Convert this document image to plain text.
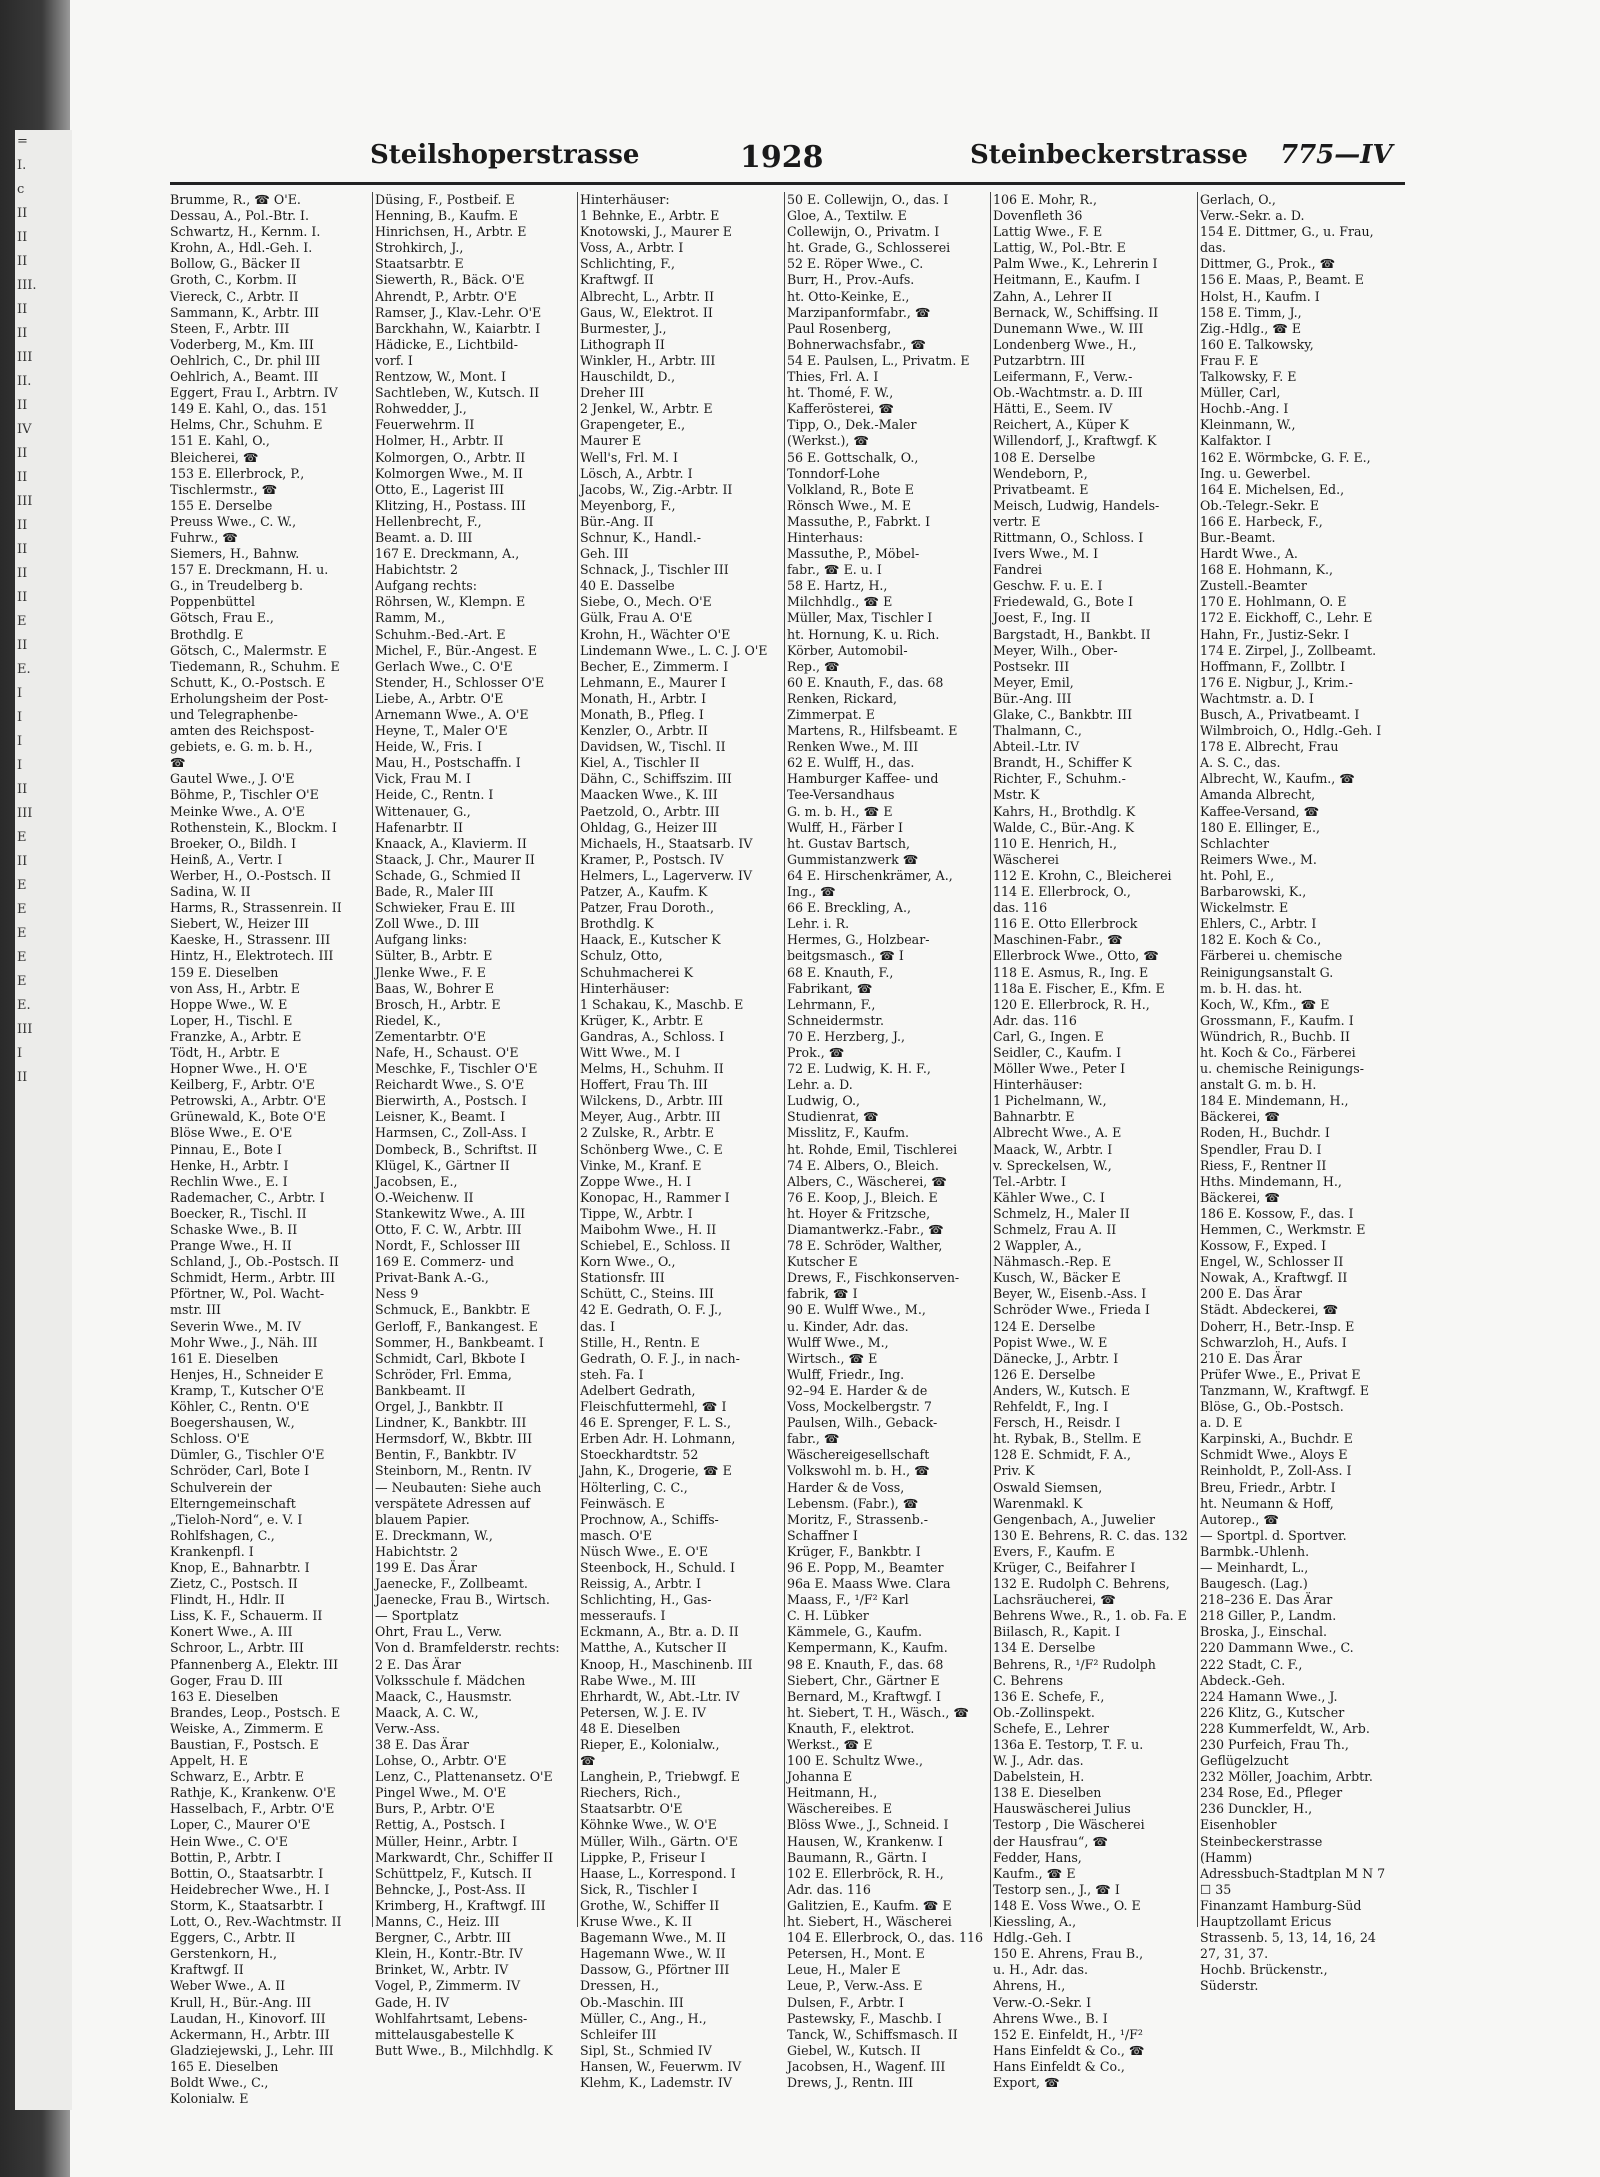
=
I.
c
II
II
II
III.
II
II
III
II.
II
IV
II
II
III
II
II
II
II
E
II
E.
I
I
I
I
II
III
E
II
E
E
E
E
E
E.
III
I
II
Steilshoperstrasse	1928	Steinbeckerstrasse 775—IV
Brumme, R., ☎ O'E.
Dessau, A., Pol.-Btr. I.
Schwartz, H., Kernm. I.
Krohn, A., Hdl.-Geh. I.
Bollow, G., Bäcker II
Groth, C., Korbm. II
Viereck, C., Arbtr. II
Sammann, K., Arbtr. III
Steen, F., Arbtr. III
Voderberg, M., Km. III
Oehlrich, C., Dr. phil III
Oehlrich, A., Beamt. III
Eggert, Frau I., Arbtrn. IV
149 E. Kahl, O., das. 151
Helms, Chr., Schuhm. E
151 E. Kahl, O.,
Bleicherei, ☎
153 E. Ellerbrock, P.,
Tischlermstr., ☎
155 E. Derselbe
Preuss Wwe., C. W.,
Fuhrw., ☎
Siemers, H., Bahnw.
157 E. Dreckmann, H. u.
G., in Treudelberg b.
Poppenbüttel
Götsch, Frau E.,
Brothdlg. E
Götsch, C., Malermstr. E
Tiedemann, R., Schuhm. E
Schutt, K., O.-Postsch. E
Erholungsheim der Post-
und Telegraphenbe-
amten des Reichspost-
gebiets, e. G. m. b. H.,
☎
Gautel Wwe., J. O'E
Böhme, P., Tischler O'E
Meinke Wwe., A. O'E
Rothenstein, K., Blockm. I
Broeker, O., Bildh. I
Heinß, A., Vertr. I
Werber, H., O.-Postsch. II
Sadina, W. II
Harms, R., Strassenrein. II
Siebert, W., Heizer III
Kaeske, H., Strassenr. III
Hintz, H., Elektrotech. III
159 E. Dieselben
von Ass, H., Arbtr. E
Hoppe Wwe., W. E
Loper, H., Tischl. E
Franzke, A., Arbtr. E
Tödt, H., Arbtr. E
Hopner Wwe., H. O'E
Keilberg, F., Arbtr. O'E
Petrowski, A., Arbtr. O'E
Grünewald, K., Bote O'E
Blöse Wwe., E. O'E
Pinnau, E., Bote I
Henke, H., Arbtr. I
Rechlin Wwe., E. I
Rademacher, C., Arbtr. I
Boecker, R., Tischl. II
Schaske Wwe., B. II
Prange Wwe., H. II
Schland, J., Ob.-Postsch. II
Schmidt, Herm., Arbtr. III
Pförtner, W., Pol. Wacht-
mstr. III
Severin Wwe., M. IV
Mohr Wwe., J., Näh. III
161 E. Dieselben
Henjes, H., Schneider E
Kramp, T., Kutscher O'E
Köhler, C., Rentn. O'E
Boegershausen, W.,
Schloss. O'E
Dümler, G., Tischler O'E
Schröder, Carl, Bote I
Schulverein der
Elterngemeinschaft
„Tieloh-Nord“, e. V. I
Rohlfshagen, C.,
Krankenpfl. I
Knop, E., Bahnarbtr. I
Zietz, C., Postsch. II
Flindt, H., Hdlr. II
Liss, K. F., Schauerm. II
Konert Wwe., A. III
Schroor, L., Arbtr. III
Pfannenberg A., Elektr. III
Goger, Frau D. III
163 E. Dieselben
Brandes, Leop., Postsch. E
Weiske, A., Zimmerm. E
Baustian, F., Postsch. E
Appelt, H. E
Schwarz, E., Arbtr. E
Rathje, K., Krankenw. O'E
Hasselbach, F., Arbtr. O'E
Loper, C., Maurer O'E
Hein Wwe., C. O'E
Bottin, P., Arbtr. I
Bottin, O., Staatsarbtr. I
Heidebrecher Wwe., H. I
Storm, K., Staatsarbtr. I
Lott, O., Rev.-Wachtmstr. II
Eggers, C., Arbtr. II
Gerstenkorn, H.,
Kraftwgf. II
Weber Wwe., A. II
Krull, H., Bür.-Ang. III
Laudan, H., Kinovorf. III
Ackermann, H., Arbtr. III
Gladziejewski, J., Lehr. III
165 E. Dieselben
Boldt Wwe., C.,
Kolonialw. E
Düsing, F., Postbeif. E
Henning, B., Kaufm. E
Hinrichsen, H., Arbtr. E
Strohkirch, J.,
Staatsarbtr. E
Siewerth, R., Bäck. O'E
Ahrendt, P., Arbtr. O'E
Ramser, J., Klav.-Lehr. O'E
Barckhahn, W., Kaiarbtr. I
Hädicke, E., Lichtbild-
vorf. I
Rentzow, W., Mont. I
Sachtleben, W., Kutsch. II
Rohwedder, J.,
Feuerwehrm. II
Holmer, H., Arbtr. II
Kolmorgen, O., Arbtr. II
Kolmorgen Wwe., M. II
Otto, E., Lagerist III
Klitzing, H., Postass. III
Hellenbrecht, F.,
Beamt. a. D. III
167 E. Dreckmann, A.,
Habichtstr. 2
Aufgang rechts:
Röhrsen, W., Klempn. E
Ramm, M.,
Schuhm.-Bed.-Art. E
Michel, F., Bür.-Angest. E
Gerlach Wwe., C. O'E
Stender, H., Schlosser O'E
Liebe, A., Arbtr. O'E
Arnemann Wwe., A. O'E
Heyne, T., Maler O'E
Heide, W., Fris. I
Mau, H., Postschaffn. I
Vick, Frau M. I
Heide, C., Rentn. I
Wittenauer, G.,
Hafenarbtr. II
Knaack, A., Klavierm. II
Staack, J. Chr., Maurer II
Schade, G., Schmied II
Bade, R., Maler III
Schwieker, Frau E. III
Zoll Wwe., D. III
Aufgang links:
Sülter, B., Arbtr. E
Jlenke Wwe., F. E
Baas, W., Bohrer E
Brosch, H., Arbtr. E
Riedel, K.,
Zementarbtr. O'E
Nafe, H., Schaust. O'E
Meschke, F., Tischler O'E
Reichardt Wwe., S. O'E
Bierwirth, A., Postsch. I
Leisner, K., Beamt. I
Harmsen, C., Zoll-Ass. I
Dombeck, B., Schriftst. II
Klügel, K., Gärtner II
Jacobsen, E.,
O.-Weichenw. II
Stankewitz Wwe., A. III
Otto, F. C. W., Arbtr. III
Nordt, F., Schlosser III
169 E. Commerz- und
Privat-Bank A.-G.,
Ness 9
Schmuck, E., Bankbtr. E
Gerloff, F., Bankangest. E
Sommer, H., Bankbeamt. I
Schmidt, Carl, Bkbote I
Schröder, Frl. Emma,
Bankbeamt. II
Orgel, J., Bankbtr. II
Lindner, K., Bankbtr. III
Hermsdorf, W., Bkbtr. III
Bentin, F., Bankbtr. IV
Steinborn, M., Rentn. IV
— Neubauten: Siehe auch
verspätete Adressen auf
blauem Papier.
E. Dreckmann, W.,
Habichtstr. 2
199 E. Das Ärar
Jaenecke, F., Zollbeamt.
Jaenecke, Frau B., Wirtsch.
— Sportplatz
Ohrt, Frau L., Verw.
Von d. Bramfelderstr. rechts:
2 E. Das Ärar
Volksschule f. Mädchen
Maack, C., Hausmstr.
Maack, A. C. W.,
Verw.-Ass.
38 E. Das Ärar
Lohse, O., Arbtr. O'E
Lenz, C., Plattenansetz. O'E
Pingel Wwe., M. O'E
Burs, P., Arbtr. O'E
Rettig, A., Postsch. I
Müller, Heinr., Arbtr. I
Markwardt, Chr., Schiffer II
Schüttpelz, F., Kutsch. II
Behncke, J., Post-Ass. II
Krimberg, H., Kraftwgf. III
Manns, C., Heiz. III
Bergner, C., Arbtr. III
Klein, H., Kontr.-Btr. IV
Brinket, W., Arbtr. IV
Vogel, P., Zimmerm. IV
Gade, H. IV
Wohlfahrtsamt, Lebens-
mittelausgabestelle K
Butt Wwe., B., Milchhdlg. K
Hinterhäuser:
1 Behnke, E., Arbtr. E
Knotowski, J., Maurer E
Voss, A., Arbtr. I
Schlichting, F.,
Kraftwgf. II
Albrecht, L., Arbtr. II
Gaus, W., Elektrot. II
Burmester, J.,
Lithograph II
Winkler, H., Arbtr. III
Hauschildt, D.,
Dreher III
2 Jenkel, W., Arbtr. E
Grapengeter, E.,
Maurer E
Well's, Frl. M. I
Lösch, A., Arbtr. I
Jacobs, W., Zig.-Arbtr. II
Meyenborg, F.,
Bür.-Ang. II
Schnur, K., Handl.-
Geh. III
Schnack, J., Tischler III
40 E. Dasselbe
Siebe, O., Mech. O'E
Gülk, Frau A. O'E
Krohn, H., Wächter O'E
Lindemann Wwe., L. C. J. O'E
Becher, E., Zimmerm. I
Lehmann, E., Maurer I
Monath, H., Arbtr. I
Monath, B., Pfleg. I
Kenzler, O., Arbtr. II
Davidsen, W., Tischl. II
Kiel, A., Tischler II
Dähn, C., Schiffszim. III
Maacken Wwe., K. III
Paetzold, O., Arbtr. III
Ohldag, G., Heizer III
Michaels, H., Staatsarb. IV
Kramer, P., Postsch. IV
Helmers, L., Lagerverw. IV
Patzer, A., Kaufm. K
Patzer, Frau Doroth.,
Brothdlg. K
Haack, E., Kutscher K
Schulz, Otto,
Schuhmacherei K
Hinterhäuser:
1 Schakau, K., Maschb. E
Krüger, K., Arbtr. E
Gandras, A., Schloss. I
Witt Wwe., M. I
Melms, H., Schuhm. II
Hoffert, Frau Th. III
Wilckens, D., Arbtr. III
Meyer, Aug., Arbtr. III
2 Zulske, R., Arbtr. E
Schönberg Wwe., C. E
Vinke, M., Kranf. E
Zoppe Wwe., H. I
Konopac, H., Rammer I
Tippe, W., Arbtr. I
Maibohm Wwe., H. II
Schiebel, E., Schloss. II
Korn Wwe., O.,
Stationsfr. III
Schütt, C., Steins. III
42 E. Gedrath, O. F. J.,
das. I
Stille, H., Rentn. E
Gedrath, O. F. J., in nach-
steh. Fa. I
Adelbert Gedrath,
Fleischfuttermehl, ☎ I
46 E. Sprenger, F. L. S.,
Erben Adr. H. Lohmann,
Stoeckhardtstr. 52
Jahn, K., Drogerie, ☎ E
Hölterling, C. C.,
Feinwäsch. E
Prochnow, A., Schiffs-
masch. O'E
Nüsch Wwe., E. O'E
Steenbock, H., Schuld. I
Reissig, A., Arbtr. I
Schlichting, H., Gas-
messeraufs. I
Eckmann, A., Btr. a. D. II
Matthe, A., Kutscher II
Knoop, H., Maschinenb. III
Rabe Wwe., M. III
Ehrhardt, W., Abt.-Ltr. IV
Petersen, W. J. E. IV
48 E. Dieselben
Rieper, E., Kolonialw.,
☎
Langhein, P., Triebwgf. E
Riechers, Rich.,
Staatsarbtr. O'E
Köhnke Wwe., W. O'E
Müller, Wilh., Gärtn. O'E
Lippke, P., Friseur I
Haase, L., Korrespond. I
Sick, R., Tischler I
Grothe, W., Schiffer II
Kruse Wwe., K. II
Bagemann Wwe., M. II
Hagemann Wwe., W. II
Dassow, G., Pförtner III
Dressen, H.,
Ob.-Maschin. III
Müller, C., Ang., H.,
Schleifer III
Sipl, St., Schmied IV
Hansen, W., Feuerwm. IV
Klehm, K., Lademstr. IV
50 E. Collewijn, O., das. I
Gloe, A., Textilw. E
Collewijn, O., Privatm. I
ht. Grade, G., Schlosserei
52 E. Röper Wwe., C.
Burr, H., Prov.-Aufs.
ht. Otto-Keinke, E.,
Marzipanformfabr., ☎
Paul Rosenberg,
Bohnerwachsfabr., ☎
54 E. Paulsen, L., Privatm. E
Thies, Frl. A. I
ht. Thomé, F. W.,
Kafferösterei, ☎
Tipp, O., Dek.-Maler
(Werkst.), ☎
56 E. Gottschalk, O.,
Tonndorf-Lohe
Volkland, R., Bote E
Rönsch Wwe., M. E
Massuthe, P., Fabrkt. I
Hinterhaus:
Massuthe, P., Möbel-
fabr., ☎ E. u. I
58 E. Hartz, H.,
Milchhdlg., ☎ E
Müller, Max, Tischler I
ht. Hornung, K. u. Rich.
Körber, Automobil-
Rep., ☎
60 E. Knauth, F., das. 68
Renken, Rickard,
Zimmerpat. E
Martens, R., Hilfsbeamt. E
Renken Wwe., M. III
62 E. Wulff, H., das.
Hamburger Kaffee- und
Tee-Versandhaus
G. m. b. H., ☎ E
Wulff, H., Färber I
ht. Gustav Bartsch,
Gummistanzwerk ☎
64 E. Hirschenkrämer, A.,
Ing., ☎
66 E. Breckling, A.,
Lehr. i. R.
Hermes, G., Holzbear-
beitgsmasch., ☎ I
68 E. Knauth, F.,
Fabrikant, ☎
Lehrmann, F.,
Schneidermstr.
70 E. Herzberg, J.,
Prok., ☎
72 E. Ludwig, K. H. F.,
Lehr. a. D.
Ludwig, O.,
Studienrat, ☎
Misslitz, F., Kaufm.
ht. Rohde, Emil, Tischlerei
74 E. Albers, O., Bleich.
Albers, C., Wäscherei, ☎
76 E. Koop, J., Bleich. E
ht. Hoyer & Fritzsche,
Diamantwerkz.-Fabr., ☎
78 E. Schröder, Walther,
Kutscher E
Drews, F., Fischkonserven-
fabrik, ☎ I
90 E. Wulff Wwe., M.,
u. Kinder, Adr. das.
Wulff Wwe., M.,
Wirtsch., ☎ E
Wulff, Friedr., Ing.
92–94 E. Harder & de
Voss, Mockelbergstr. 7
Paulsen, Wilh., Geback-
fabr., ☎
Wäschereigesellschaft
Volkswohl m. b. H., ☎
Harder & de Voss,
Lebensm. (Fabr.), ☎
Moritz, F., Strassenb.-
Schaffner I
Krüger, F., Bankbtr. I
96 E. Popp, M., Beamter
96a E. Maass Wwe. Clara
Maass, F., ¹/F² Karl
C. H. Lübker
Kämmele, G., Kaufm.
Kempermann, K., Kaufm.
98 E. Knauth, F., das. 68
Siebert, Chr., Gärtner E
Bernard, M., Kraftwgf. I
ht. Siebert, T. H., Wäsch., ☎
Knauth, F., elektrot.
Werkst., ☎ E
100 E. Schultz Wwe.,
Johanna E
Heitmann, H.,
Wäschereibes. E
Blöss Wwe., J., Schneid. I
Hausen, W., Krankenw. I
Baumann, R., Gärtn. I
102 E. Ellerbröck, R. H.,
Adr. das. 116
Galitzien, E., Kaufm. ☎ E
ht. Siebert, H., Wäscherei
104 E. Ellerbrock, O., das. 116
Petersen, H., Mont. E
Leue, H., Maler E
Leue, P., Verw.-Ass. E
Dulsen, F., Arbtr. I
Pastewsky, F., Maschb. I
Tanck, W., Schiffsmasch. II
Giebel, W., Kutsch. II
Jacobsen, H., Wagenf. III
Drews, J., Rentn. III
106 E. Mohr, R.,
Dovenfleth 36
Lattig Wwe., F. E
Lattig, W., Pol.-Btr. E
Palm Wwe., K., Lehrerin I
Heitmann, E., Kaufm. I
Zahn, A., Lehrer II
Bernack, W., Schiffsing. II
Dunemann Wwe., W. III
Londenberg Wwe., H.,
Putzarbtrn. III
Leifermann, F., Verw.-
Ob.-Wachtmstr. a. D. III
Hätti, E., Seem. IV
Reichert, A., Küper K
Willendorf, J., Kraftwgf. K
108 E. Derselbe
Wendeborn, P.,
Privatbeamt. E
Meisch, Ludwig, Handels-
vertr. E
Rittmann, O., Schloss. I
Ivers Wwe., M. I
Fandrei
Geschw. F. u. E. I
Friedewald, G., Bote I
Joest, F., Ing. II
Bargstadt, H., Bankbt. II
Meyer, Wilh., Ober-
Postsekr. III
Meyer, Emil,
Bür.-Ang. III
Glake, C., Bankbtr. III
Thalmann, C.,
Abteil.-Ltr. IV
Brandt, H., Schiffer K
Richter, F., Schuhm.-
Mstr. K
Kahrs, H., Brothdlg. K
Walde, C., Bür.-Ang. K
110 E. Henrich, H.,
Wäscherei
112 E. Krohn, C., Bleicherei
114 E. Ellerbrock, O.,
das. 116
116 E. Otto Ellerbrock
Maschinen-Fabr., ☎
Ellerbrock Wwe., Otto, ☎
118 E. Asmus, R., Ing. E
118a E. Fischer, E., Kfm. E
120 E. Ellerbrock, R. H.,
Adr. das. 116
Carl, G., Ingen. E
Seidler, C., Kaufm. I
Möller Wwe., Peter I
Hinterhäuser:
1 Pichelmann, W.,
Bahnarbtr. E
Albrecht Wwe., A. E
Maack, W., Arbtr. I
v. Spreckelsen, W.,
Tel.-Arbtr. I
Kähler Wwe., C. I
Schmelz, H., Maler II
Schmelz, Frau A. II
2 Wappler, A.,
Nähmasch.-Rep. E
Kusch, W., Bäcker E
Beyer, W., Eisenb.-Ass. I
Schröder Wwe., Frieda I
124 E. Derselbe
Popist Wwe., W. E
Dänecke, J., Arbtr. I
126 E. Derselbe
Anders, W., Kutsch. E
Rehfeldt, F., Ing. I
Fersch, H., Reisdr. I
ht. Rybak, B., Stellm. E
128 E. Schmidt, F. A.,
Priv. K
Oswald Siemsen,
Warenmakl. K
Gengenbach, A., Juwelier
130 E. Behrens, R. C. das. 132
Evers, F., Kaufm. E
Krüger, C., Beifahrer I
132 E. Rudolph C. Behrens,
Lachsräucherei, ☎
Behrens Wwe., R., 1. ob. Fa. E
Biilasch, R., Kapit. I
134 E. Derselbe
Behrens, R., ¹/F² Rudolph
C. Behrens
136 E. Schefe, F.,
Ob.-Zollinspekt.
Schefe, E., Lehrer
136a E. Testorp, T. F. u.
W. J., Adr. das.
Dabelstein, H.
138 E. Dieselben
Hauswäscherei Julius
Testorp , Die Wäscherei
der Hausfrau“, ☎
Fedder, Hans,
Kaufm., ☎ E
Testorp sen., J., ☎ I
148 E. Voss Wwe., O. E
Kiessling, A.,
Hdlg.-Geh. I
150 E. Ahrens, Frau B.,
u. H., Adr. das.
Ahrens, H.,
Verw.-O.-Sekr. I
Ahrens Wwe., B. I
152 E. Einfeldt, H., ¹/F²
Hans Einfeldt & Co., ☎
Hans Einfeldt & Co.,
Export, ☎
Gerlach, O.,
Verw.-Sekr. a. D.
154 E. Dittmer, G., u. Frau,
das.
Dittmer, G., Prok., ☎
156 E. Maas, P., Beamt. E
Holst, H., Kaufm. I
158 E. Timm, J.,
Zig.-Hdlg., ☎ E
160 E. Talkowsky,
Frau F. E
Talkowsky, F. E
Müller, Carl,
Hochb.-Ang. I
Kleinmann, W.,
Kalfaktor. I
162 E. Wörmbcke, G. F. E.,
Ing. u. Gewerbel.
164 E. Michelsen, Ed.,
Ob.-Telegr.-Sekr. E
166 E. Harbeck, F.,
Bur.-Beamt.
Hardt Wwe., A.
168 E. Hohmann, K.,
Zustell.-Beamter
170 E. Hohlmann, O. E
172 E. Eickhoff, C., Lehr. E
Hahn, Fr., Justiz-Sekr. I
174 E. Zirpel, J., Zollbeamt.
Hoffmann, F., Zollbtr. I
176 E. Nigbur, J., Krim.-
Wachtmstr. a. D. I
Busch, A., Privatbeamt. I
Wilmbroich, O., Hdlg.-Geh. I
178 E. Albrecht, Frau
A. S. C., das.
Albrecht, W., Kaufm., ☎
Amanda Albrecht,
Kaffee-Versand, ☎
180 E. Ellinger, E.,
Schlachter
Reimers Wwe., M.
ht. Pohl, E.,
Barbarowski, K.,
Wickelmstr. E
Ehlers, C., Arbtr. I
182 E. Koch & Co.,
Färberei u. chemische
Reinigungsanstalt G.
m. b. H. das. ht.
Koch, W., Kfm., ☎ E
Grossmann, F., Kaufm. I
Wündrich, R., Buchb. II
ht. Koch & Co., Färberei
u. chemische Reinigungs-
anstalt G. m. b. H.
184 E. Mindemann, H.,
Bäckerei, ☎
Roden, H., Buchdr. I
Spendler, Frau D. I
Riess, F., Rentner II
Hths. Mindemann, H.,
Bäckerei, ☎
186 E. Kossow, F., das. I
Hemmen, C., Werkmstr. E
Kossow, F., Exped. I
Engel, W., Schlosser II
Nowak, A., Kraftwgf. II
200 E. Das Ärar
Städt. Abdeckerei, ☎
Doherr, H., Betr.-Insp. E
Schwarzloh, H., Aufs. I
210 E. Das Ärar
Prüfer Wwe., E., Privat E
Tanzmann, W., Kraftwgf. E
Blöse, G., Ob.-Postsch.
a. D. E
Karpinski, A., Buchdr. E
Schmidt Wwe., Aloys E
Reinholdt, P., Zoll-Ass. I
Breu, Friedr., Arbtr. I
ht. Neumann & Hoff,
Autorep., ☎
— Sportpl. d. Sportver.
Barmbk.-Uhlenh.
— Meinhardt, L.,
Baugesch. (Lag.)
218–236 E. Das Ärar
218 Giller, P., Landm.
Broska, J., Einschal.
220 Dammann Wwe., C.
222 Stadt, C. F.,
Abdeck.-Geh.
224 Hamann Wwe., J.
226 Klitz, G., Kutscher
228 Kummerfeldt, W., Arb.
230 Purfeich, Frau Th.,
Geflügelzucht
232 Möller, Joachim, Arbtr.
234 Rose, Ed., Pfleger
236 Dunckler, H.,
Eisenhobler
Steinbeckerstrasse
(Hamm)
Adressbuch-Stadtplan M N 7
☐ 35
Finanzamt Hamburg-Süd
Hauptzollamt Ericus
Strassenb. 5, 13, 14, 16, 24
27, 31, 37.
Hochb. Brückenstr.,
Süderstr.
